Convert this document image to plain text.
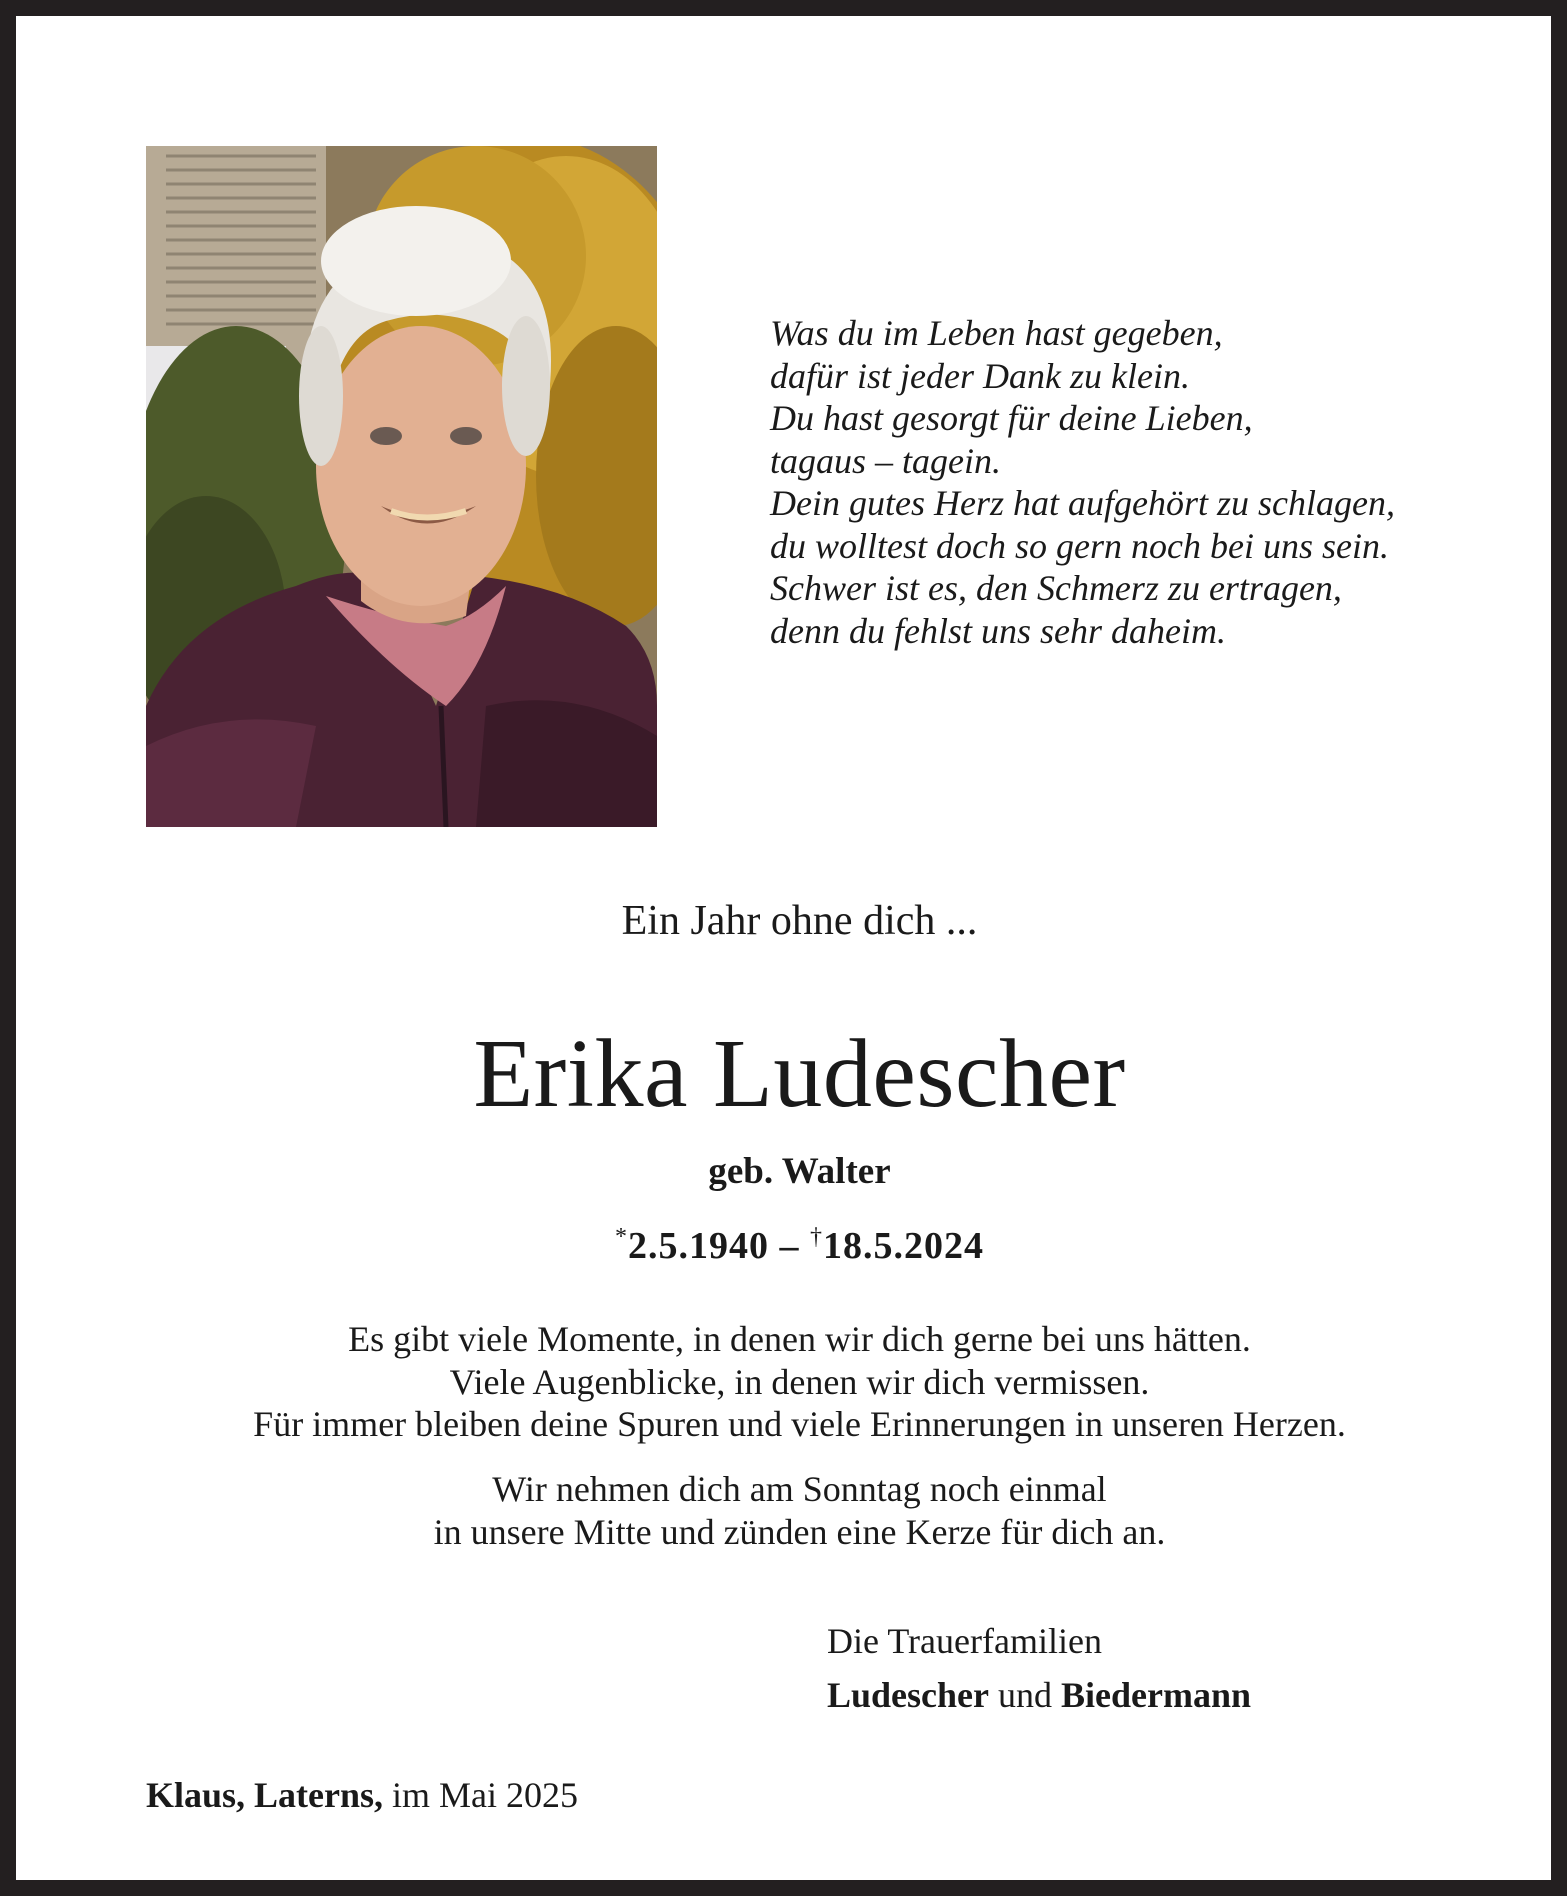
Was du im Leben hast gegeben,
dafür ist jeder Dank zu klein.
Du hast gesorgt für deine Lieben,
tagaus – tagein.
Dein gutes Herz hat aufgehört zu schlagen,
du wolltest doch so gern noch bei uns sein.
Schwer ist es, den Schmerz zu ertragen,
denn du fehlst uns sehr daheim.
Ein Jahr ohne dich ...
Erika Ludescher
geb. Walter
*2.5.1940 – †18.5.2024
Es gibt viele Momente, in denen wir dich gerne bei uns hätten.
Viele Augenblicke, in denen wir dich vermissen.
Für immer bleiben deine Spuren und viele Erinnerungen in unseren Herzen.
Wir nehmen dich am Sonntag noch einmal
in unsere Mitte und zünden eine Kerze für dich an.
Die Trauerfamilien
Ludescher und Biedermann
Klaus, Laterns, im Mai 2025
